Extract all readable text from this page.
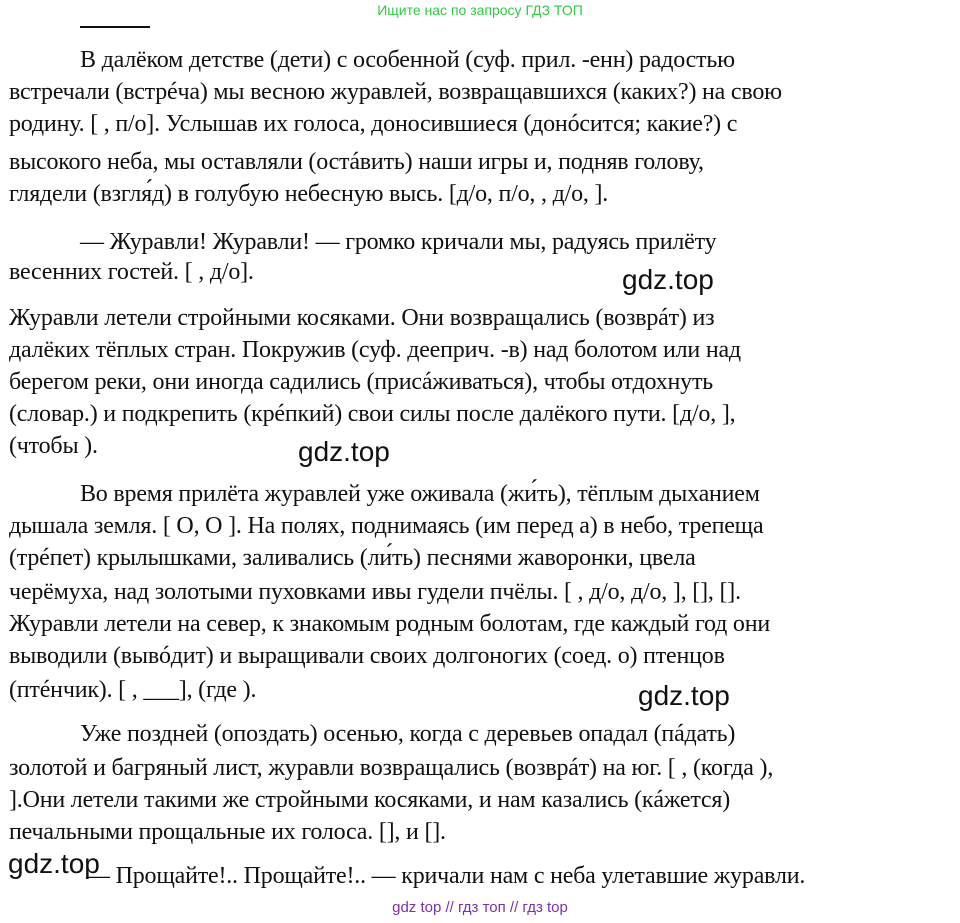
Ищите нас по запросу ГДЗ ТОП
В далёком детстве (дети) с особенной (суф. прил. -енн) радостью
встречали (встрéча) мы весною журавлей, возвращавшихся (каких?) на свою
родину. [ , п/о]. Услышав их голоса, доносившиеся (донóсится; какие?) с
высокого неба, мы оставляли (остáвить) наши игры и, подняв голову,
глядели (взгля́д) в голубую небесную высь. [д/о, п/о, , д/о, ].
— Журавли! Журавли! — громко кричали мы, радуясь прилёту
весенних гостей. [ , д/о].	gdz.top
Журавли летели стройными косяками. Они возвращались (возврáт) из
далёких тёплых стран. Покружив (суф. дееприч. -в) над болотом или над
берегом реки, они иногда садились (присáживаться), чтобы отдохнуть
(словар.) и подкрепить (крéпкий) свои силы после далёкого пути. [д/о, ],
(чтобы ).	gdz.top
Во время прилёта журавлей уже оживала (жи́ть), тёплым дыханием
дышала земля. [ О, О ]. На полях, поднимаясь (им перед а) в небо, трепеща
(трéпет) крылышками, заливались (ли́ть) песнями жаворонки, цвела
черёмуха, над золотыми пуховками ивы гудели пчёлы. [ , д/о, д/о, ], [], [].
Журавли летели на север, к знакомым родным болотам, где каждый год они
выводили (вывóдит) и выращивали своих долгоногих (соед. о) птенцов
(птéнчик). [ , ___], (где ).	gdz.top
Уже поздней (опоздать) осенью, когда с деревьев опадал (пáдать)
золотой и багряный лист, журавли возвращались (возврáт) на юг. [ , (когда ),
].Они летели такими же стройными косяками, и нам казались (кáжется)
печальными прощальные их голоса. [], и [].
gdz.top
— Прощайте!.. Прощайте!.. — кричали нам с неба улетавшие журавли.
gdz top // гдз топ // гдз top
